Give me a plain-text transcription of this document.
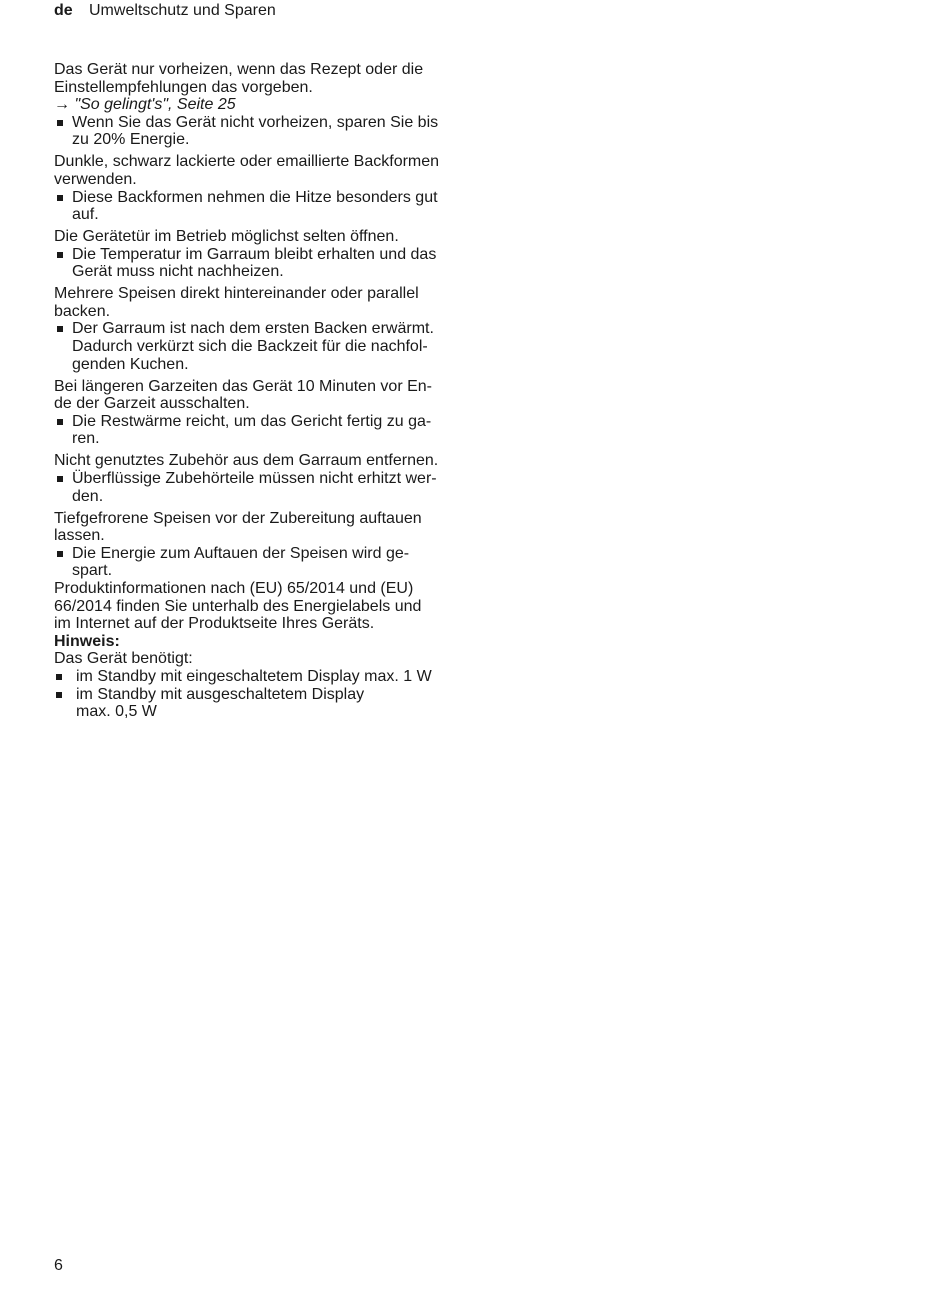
de Umweltschutz und Sparen

Das Gerät nur vorheizen, wenn das Rezept oder die
Einstellempfehlungen das vorgeben.

→ "So gelingt's", Seite 25

Wenn Sie das Gerät nicht vorheizen, sparen Sie bis
zu 20% Energie.

Dunkle, schwarz lackierte oder emaillierte Backformen
verwenden.

Diese Backformen nehmen die Hitze besonders gut
auf.

Die Gerätetür im Betrieb möglichst selten öffnen.

Die Temperatur im Garraum bleibt erhalten und das
Gerät muss nicht nachheizen.

Mehrere Speisen direkt hintereinander oder parallel
backen.

Der Garraum ist nach dem ersten Backen erwärmt.
Dadurch verkürzt sich die Backzeit für die nachfol-
genden Kuchen.

Bei längeren Garzeiten das Gerät 10 Minuten vor En-
de der Garzeit ausschalten.

Die Restwärme reicht, um das Gericht fertig zu ga-
ren.

Nicht genutztes Zubehör aus dem Garraum entfernen.

Überflüssige Zubehörteile müssen nicht erhitzt wer-
den.

Tiefgefrorene Speisen vor der Zubereitung auftauen
lassen.

Die Energie zum Auftauen der Speisen wird ge-
spart.

Produktinformationen nach (EU) 65/2014 und (EU)
66/2014 finden Sie unterhalb des Energielabels und
im Internet auf der Produktseite Ihres Geräts.

Hinweis:

Das Gerät benötigt:

im Standby mit eingeschaltetem Display max. 1 W
im Standby mit ausgeschaltetem Display
max. 0,5 W
6
